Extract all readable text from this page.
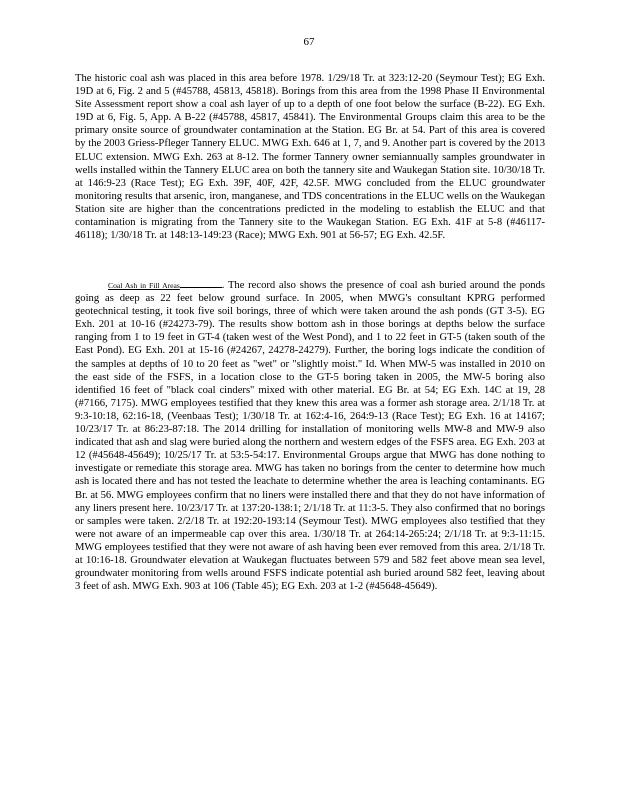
67
The historic coal ash was placed in this area before 1978. 1/29/18 Tr. at 323:12-20 (Seymour Test); EG Exh. 19D at 6, Fig. 2 and 5 (#45788, 45813, 45818). Borings from this area from the 1998 Phase II Environmental Site Assessment report show a coal ash layer of up to a depth of one foot below the surface (B-22). EG Exh. 19D at 6, Fig. 5, App. A B-22 (#45788, 45817, 45841). The Environmental Groups claim this area to be the primary onsite source of groundwater contamination at the Station. EG Br. at 54. Part of this area is covered by the 2003 Griess-Pfleger Tannery ELUC. MWG Exh. 646 at 1, 7, and 9. Another part is covered by the 2013 ELUC extension. MWG Exh. 263 at 8-12. The former Tannery owner semiannually samples groundwater in wells installed within the Tannery ELUC area on both the tannery site and Waukegan Station site. 10/30/18 Tr. at 146:9-23 (Race Test); EG Exh. 39F, 40F, 42F, 42.5F. MWG concluded from the ELUC groundwater monitoring results that arsenic, iron, manganese, and TDS concentrations in the ELUC wells on the Waukegan Station site are higher than the concentrations predicted in the modeling to establish the ELUC and that contamination is migrating from the Tannery site to the Waukegan Station. EG Exh. 41F at 5-8 (#46117-46118); 1/30/18 Tr. at 148:13-149:23 (Race); MWG Exh. 901 at 56-57; EG Exh. 42.5F.
Coal Ash in Fill Areas	. The record also shows the presence of coal ash buried around the ponds going as deep as 22 feet below ground surface. In 2005, when MWG's consultant KPRG performed geotechnical testing, it took five soil borings, three of which were taken around the ash ponds (GT 3-5). EG Exh. 201 at 10-16 (#24273-79). The results show bottom ash in those borings at depths below the surface ranging from 1 to 19 feet in GT-4 (taken west of the West Pond), and 1 to 22 feet in GT-5 (taken south of the East Pond). EG Exh. 201 at 15-16 (#24267, 24278-24279). Further, the boring logs indicate the condition of the samples at depths of 10 to 20 feet as "wet" or "slightly moist." Id. When MW-5 was installed in 2010 on the east side of the FSFS, in a location close to the GT-5 boring taken in 2005, the MW-5 boring also identified 16 feet of "black coal cinders" mixed with other material. EG Br. at 54; EG Exh. 14C at 19, 28 (#7166, 7175). MWG employees testified that they knew this area was a former ash storage area. 2/1/18 Tr. at 9:3-10:18, 62:16-18, (Veenbaas Test); 1/30/18 Tr. at 162:4-16, 264:9-13 (Race Test); EG Exh. 16 at 14167; 10/23/17 Tr. at 86:23-87:18. The 2014 drilling for installation of monitoring wells MW-8 and MW-9 also indicated that ash and slag were buried along the northern and western edges of the FSFS area. EG Exh. 203 at 12 (#45648-45649); 10/25/17 Tr. at 53:5-54:17. Environmental Groups argue that MWG has done nothing to investigate or remediate this storage area. MWG has taken no borings from the center to determine how much ash is located there and has not tested the leachate to determine whether the area is leaching contaminants. EG Br. at 56. MWG employees confirm that no liners were installed there and that they do not have information of any liners present here. 10/23/17 Tr. at 137:20-138:1; 2/1/18 Tr. at 11:3-5. They also confirmed that no borings or samples were taken. 2/2/18 Tr. at 192:20-193:14 (Seymour Test). MWG employees also testified that they were not aware of an impermeable cap over this area. 1/30/18 Tr. at 264:14-265:24; 2/1/18 Tr. at 9:3-11:15. MWG employees testified that they were not aware of ash having been ever removed from this area. 2/1/18 Tr. at 10:16-18. Groundwater elevation at Waukegan fluctuates between 579 and 582 feet above mean sea level, groundwater monitoring from wells around FSFS indicate potential ash buried around 582 feet, leaving about 3 feet of ash. MWG Exh. 903 at 106 (Table 45); EG Exh. 203 at 1-2 (#45648-45649).
